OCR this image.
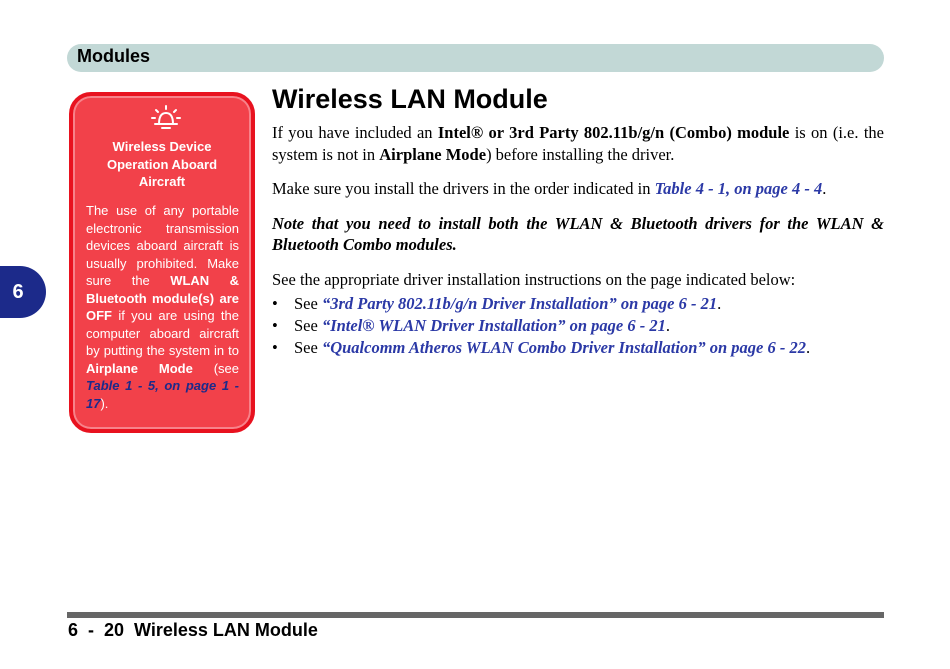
Modules
6
Wireless Device Operation Aboard Aircraft
The use of any portable electronic transmission devices aboard aircraft is usually prohibited. Make sure the WLAN & Bluetooth module(s) are OFF if you are using the computer aboard aircraft by putting the system in to Airplane Mode (see Table 1 - 5, on page 1 - 17).
Wireless LAN Module

If you have included an Intel® or 3rd Party 802.11b/g/n (Combo) module is on (i.e. the system is not in Airplane Mode) before installing the driver.

Make sure you install the drivers in the order indicated in Table 4 - 1, on page 4 - 4.

Note that you need to install both the WLAN & Bluetooth drivers for the WLAN & Bluetooth Combo modules.

See the appropriate driver installation instructions on the page indicated below:

• See “3rd Party 802.11b/g/n Driver Installation” on page 6 - 21.
• See “Intel® WLAN Driver Installation” on page 6 - 21.
• See “Qualcomm Atheros WLAN Combo Driver Installation” on page 6 - 22.
6  -  20 Wireless LAN Module
